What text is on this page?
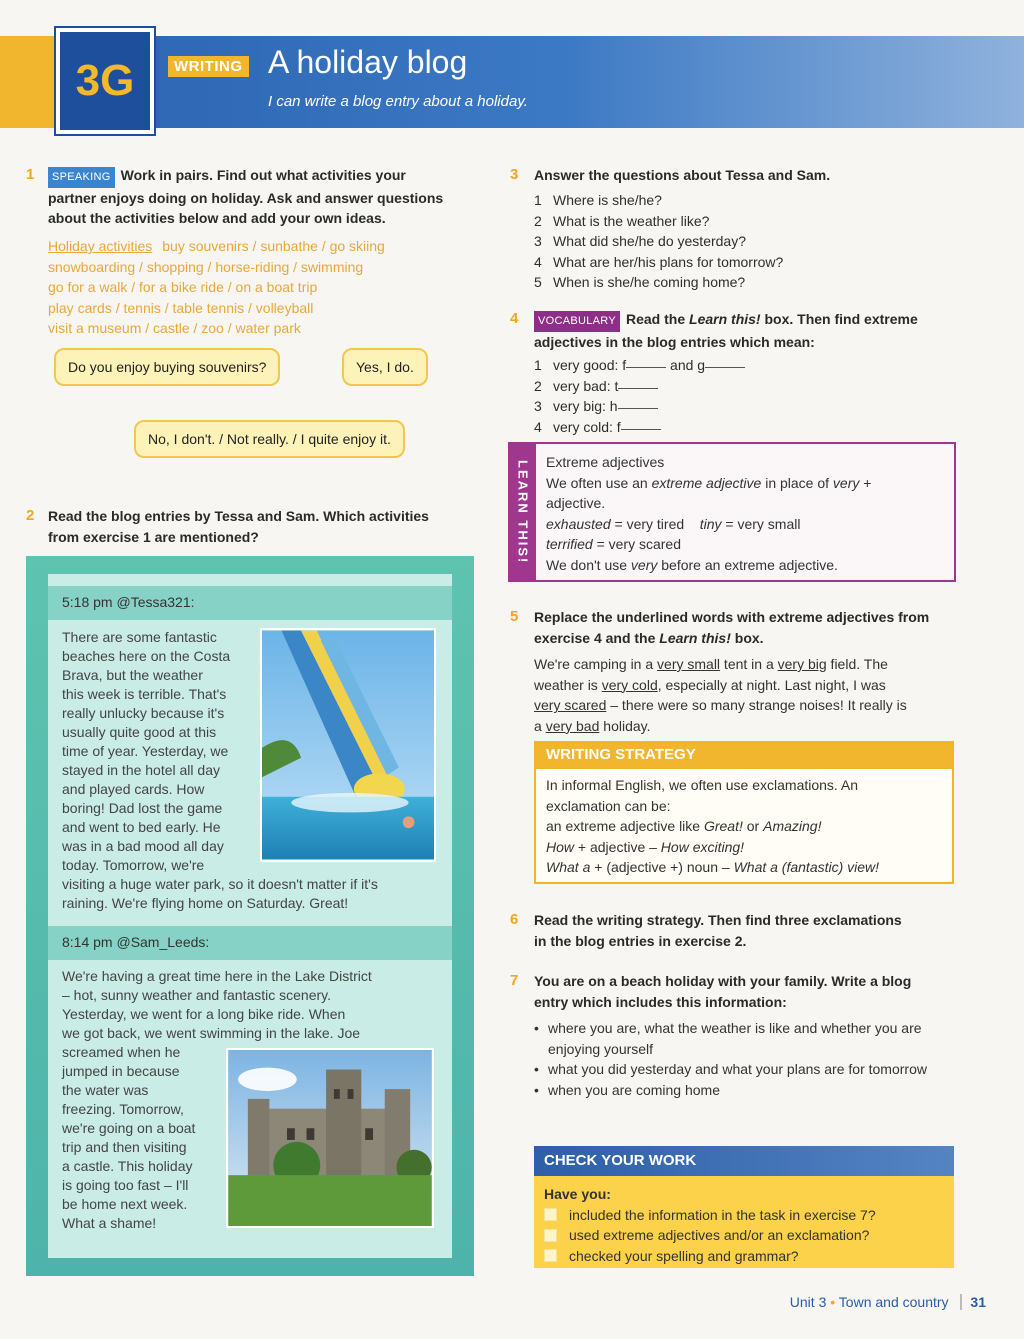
3G	WRITING A holiday blog
I can write a blog entry about a holiday.
1	SPEAKING Work in pairs. Find out what activities your
partner enjoys doing on holiday. Ask and answer questions
about the activities below and add your own ideas.
Holiday activities buy souvenirs / sunbathe / go skiing
snowboarding / shopping / horse-riding / swimming
go for a walk / for a bike ride / on a boat trip
play cards / tennis / table tennis / volleyball
visit a museum / castle / zoo / water park
Do you enjoy buying souvenirs?	Yes, I do.
No, I don't. / Not really. / I quite enjoy it.
2 Read the blog entries by Tessa and Sam. Which activities
from exercise 1 are mentioned?
5:18 pm @Tessa321:
There are some fantastic
beaches here on the Costa
Brava, but the weather
this week is terrible. That's
really unlucky because it's
usually quite good at this
time of year. Yesterday, we
stayed in the hotel all day
and played cards. How
boring! Dad lost the game
and went to bed early. He
was in a bad mood all day
today. Tomorrow, we're
visiting a huge water park, so it doesn't matter if it's
raining. We're flying home on Saturday. Great!
8:14 pm @Sam_Leeds:
We're having a great time here in the Lake District
– hot, sunny weather and fantastic scenery.
Yesterday, we went for a long bike ride. When
we got back, we went swimming in the lake. Joe
screamed when he
jumped in because
the water was
freezing. Tomorrow,
we're going on a boat
trip and then visiting
a castle. This holiday
is going too fast – I'll
be home next week.
What a shame!
3 Answer the questions about Tessa and Sam.
1 Where is she/he?
2 What is the weather like?
3 What did she/he do yesterday?
4 What are her/his plans for tomorrow?
5 When is she/he coming home?
4	VOCABULARY Read the Learn this! box. Then find extreme
adjectives in the blog entries which mean:
1 very good: f	and g
2 very bad: t
3 very big: h
4 very cold: f
LEARN THIS! Extreme adjectives
We often use an extreme adjective in place of very +
adjective.
exhausted = very tired tiny = very small
terrified = very scared
We don't use very before an extreme adjective.
5 Replace the underlined words with extreme adjectives from
exercise 4 and the Learn this! box.
We're camping in a very small tent in a very big field. The
weather is very cold, especially at night. Last night, I was
very scared – there were so many strange noises! It really is
a very bad holiday.
WRITING STRATEGY
In informal English, we often use exclamations. An
exclamation can be:
an extreme adjective like Great! or Amazing!
How + adjective – How exciting!
What a + (adjective +) noun – What a (fantastic) view!
6 Read the writing strategy. Then find three exclamations
in the blog entries in exercise 2.
7 You are on a beach holiday with your family. Write a blog
entry which includes this information:
• where you are, what the weather is like and whether you are enjoying yourself
• what you did yesterday and what your plans are for tomorrow
• when you are coming home
CHECK YOUR WORK
Have you:
included the information in the task in exercise 7?
used extreme adjectives and/or an exclamation?
checked your spelling and grammar?
Unit 3 • Town and country 31
